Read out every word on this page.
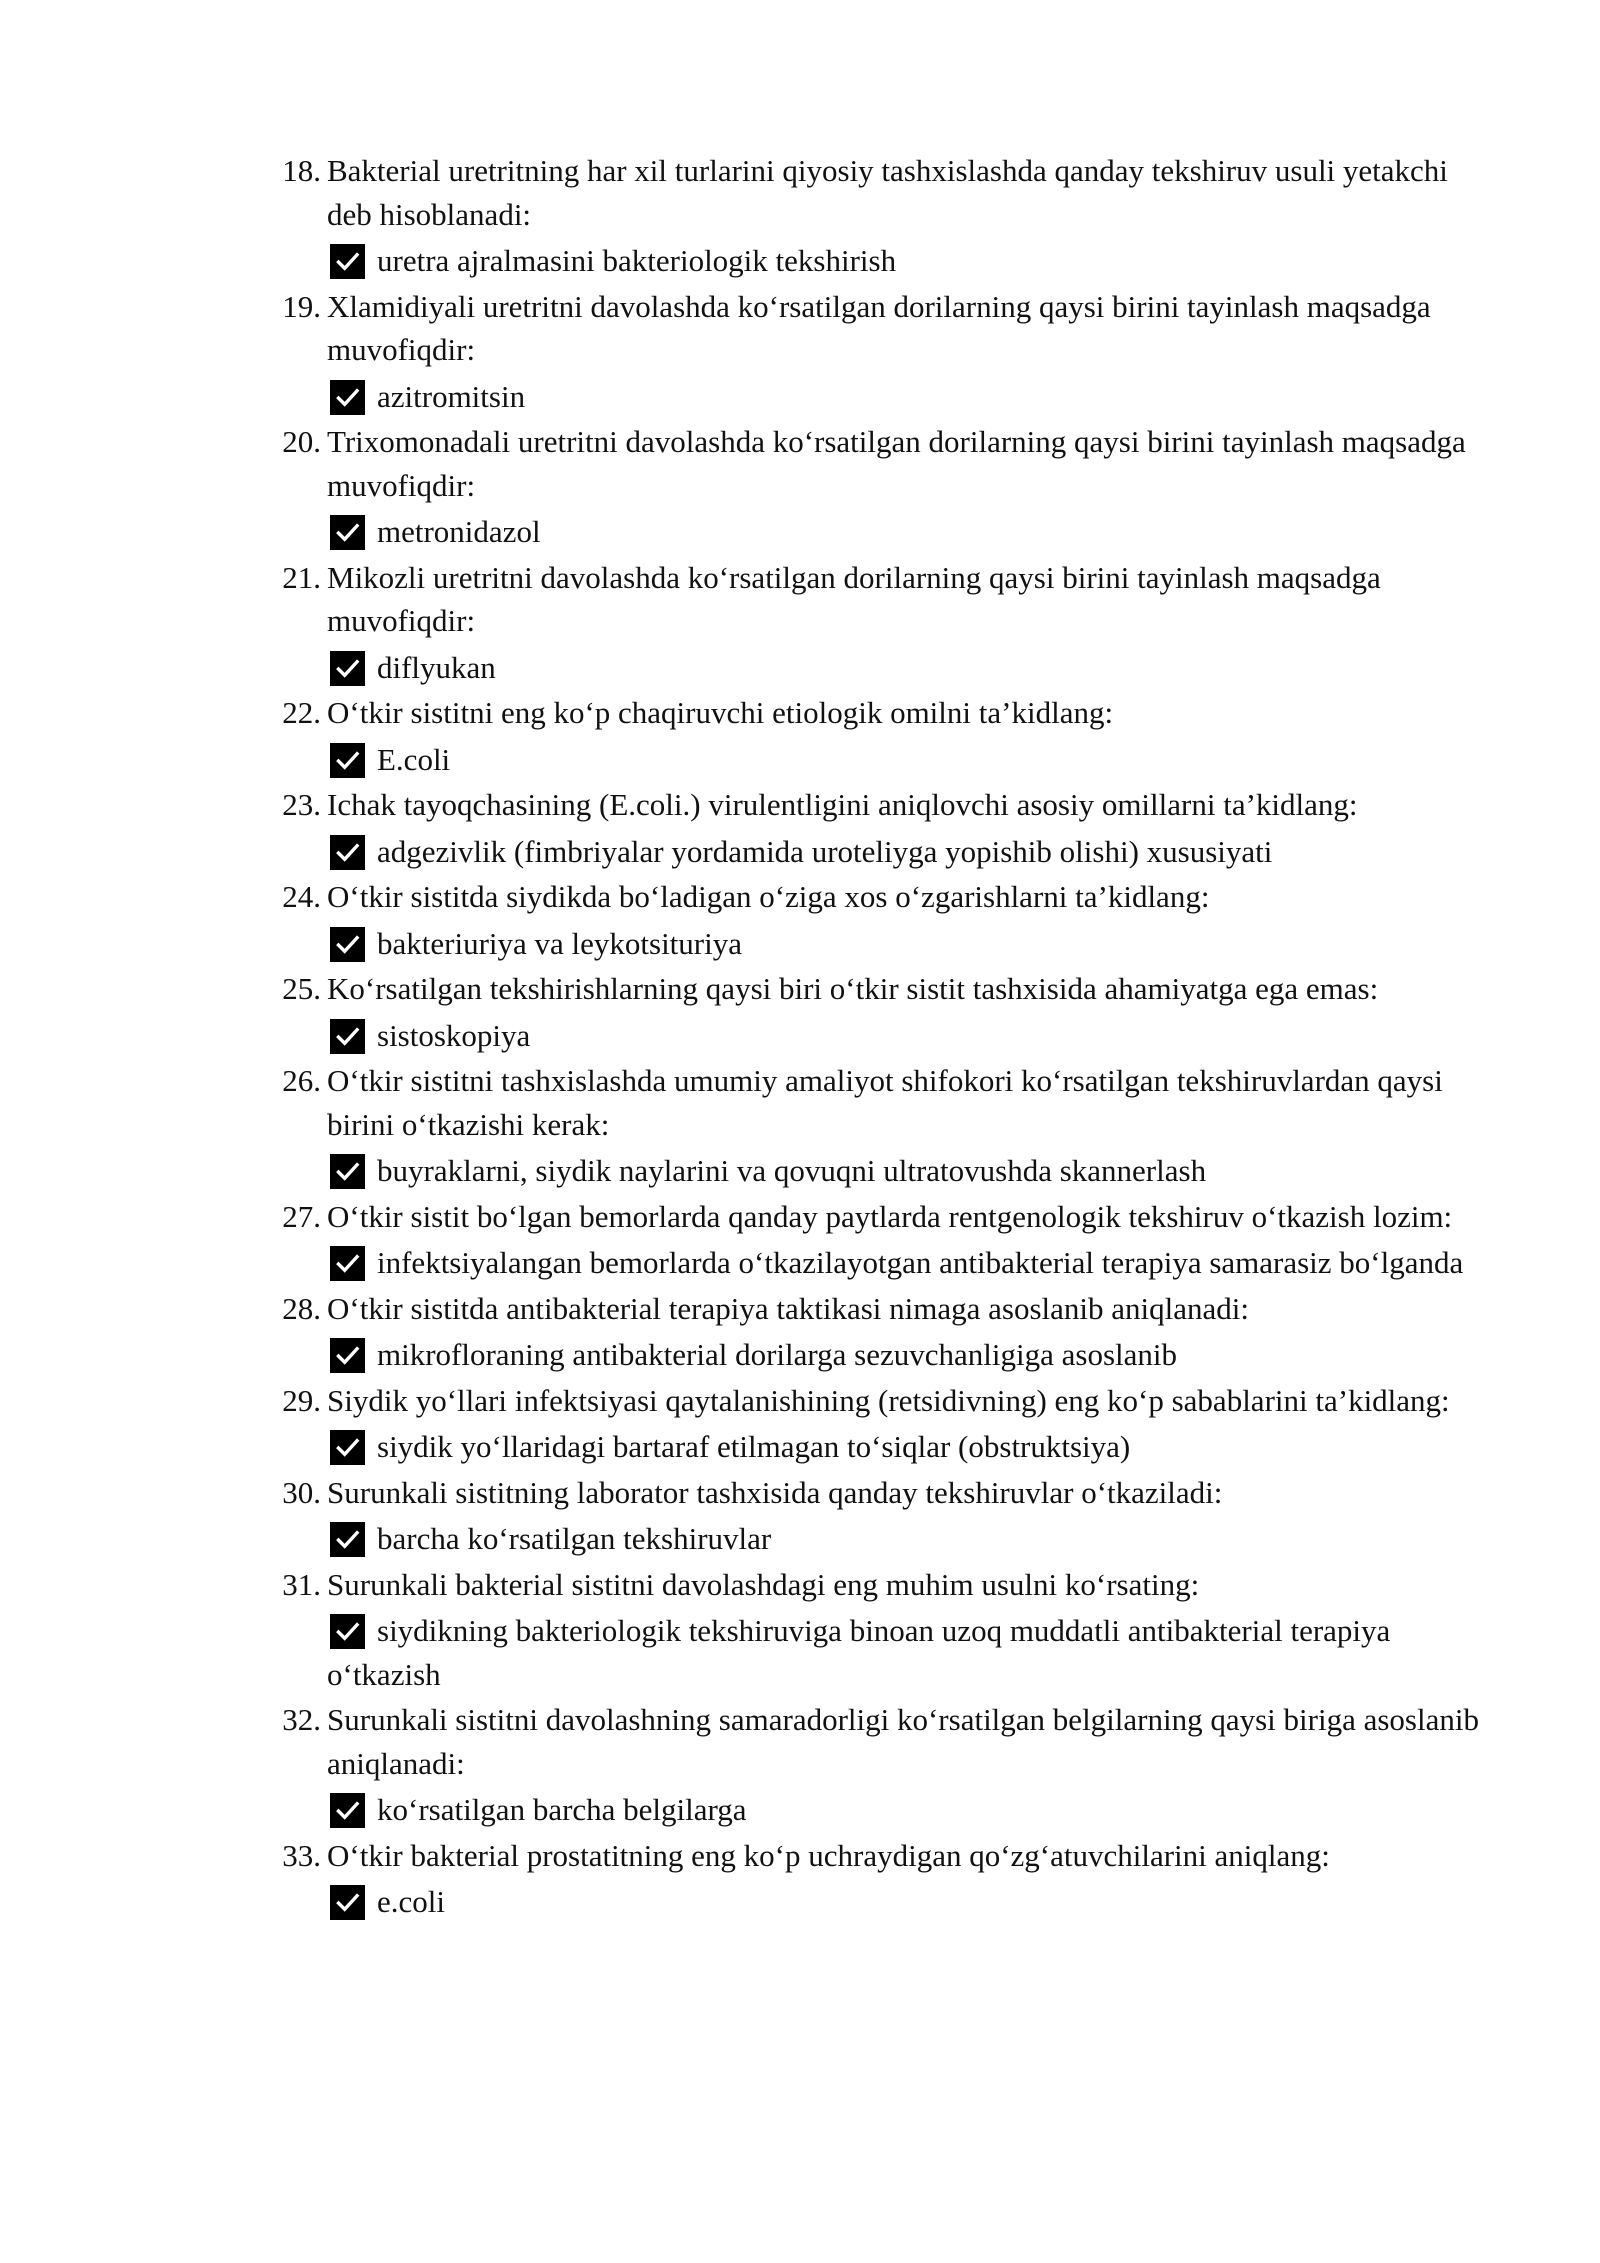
18 . Bakterial uretritning har xil turlarini qiyosiy tashxislashda qanday tekshiruv usuli yetakchi deb hisoblanadi:
uretra ajralmasini bakteriologik tekshirish
19 . Xlamidiyali uretritni davolashda ko‘rsatilgan dorilarning qaysi birini tayinlash maqsadga muvofiqdir:
azitromitsin
20 . Trixomonadali uretritni davolashda ko‘rsatilgan dorilarning qaysi birini tayinlash maqsadga muvofiqdir:
metronidazol
21 . Mikozli uretritni davolashda ko‘rsatilgan dorilarning qaysi birini tayinlash maqsadga muvofiqdir:
diflyukan
22 . O‘tkir sistitni eng ko‘p chaqiruvchi etiologik omilni ta’kidlang:
E.coli
23 . Ichak tayoqchasining (E.coli.) virulentligini aniqlovchi asosiy omillarni ta’kidlang:
adgezivlik (fimbriyalar yordamida uroteliyga yopishib olishi) xususiyati
24 . O‘tkir sistitda siydikda bo‘ladigan o‘ziga xos o‘zgarishlarni ta’kidlang:
bakteriuriya va leykotsituriya
25 . Ko‘rsatilgan tekshirishlarning qaysi biri o‘tkir sistit tashxisida ahamiyatga ega emas:
sistoskopiya
26 . O‘tkir sistitni tashxislashda umumiy amaliyot shifokori ko‘rsatilgan tekshiruvlardan qaysi birini o‘tkazishi kerak:
buyraklarni, siydik naylarini va qovuqni ultratovushda skannerlash
27 . O‘tkir sistit bo‘lgan bemorlarda qanday paytlarda rentgenologik tekshiruv o‘tkazish lozim:
infektsiyalangan bemorlarda o‘tkazilayotgan antibakterial terapiya samarasiz bo‘lganda
28 . O‘tkir sistitda antibakterial terapiya taktikasi nimaga asoslanib aniqlanadi:
mikrofloraning antibakterial dorilarga sezuvchanligiga asoslanib
29 . Siydik yo‘llari infektsiyasi qaytalanishining (retsidivning) eng ko‘p sabablarini ta’kidlang:
siydik yo‘llaridagi bartaraf etilmagan to‘siqlar (obstruktsiya)
30 . Surunkali sistitning laborator tashxisida qanday tekshiruvlar o‘tkaziladi:
barcha ko‘rsatilgan tekshiruvlar
31 . Surunkali bakterial sistitni davolashdagi eng muhim usulni ko‘rsating:
siydikning bakteriologik tekshiruviga binoan uzoq muddatli antibakterial terapiya o‘tkazish
32 . Surunkali sistitni davolashning samaradorligi ko‘rsatilgan belgilarning qaysi biriga asoslanib aniqlanadi:
ko‘rsatilgan barcha belgilarga
33 . O‘tkir bakterial prostatitning eng ko‘p uchraydigan qo‘zg‘atuvchilarini aniqlang:
e.coli
